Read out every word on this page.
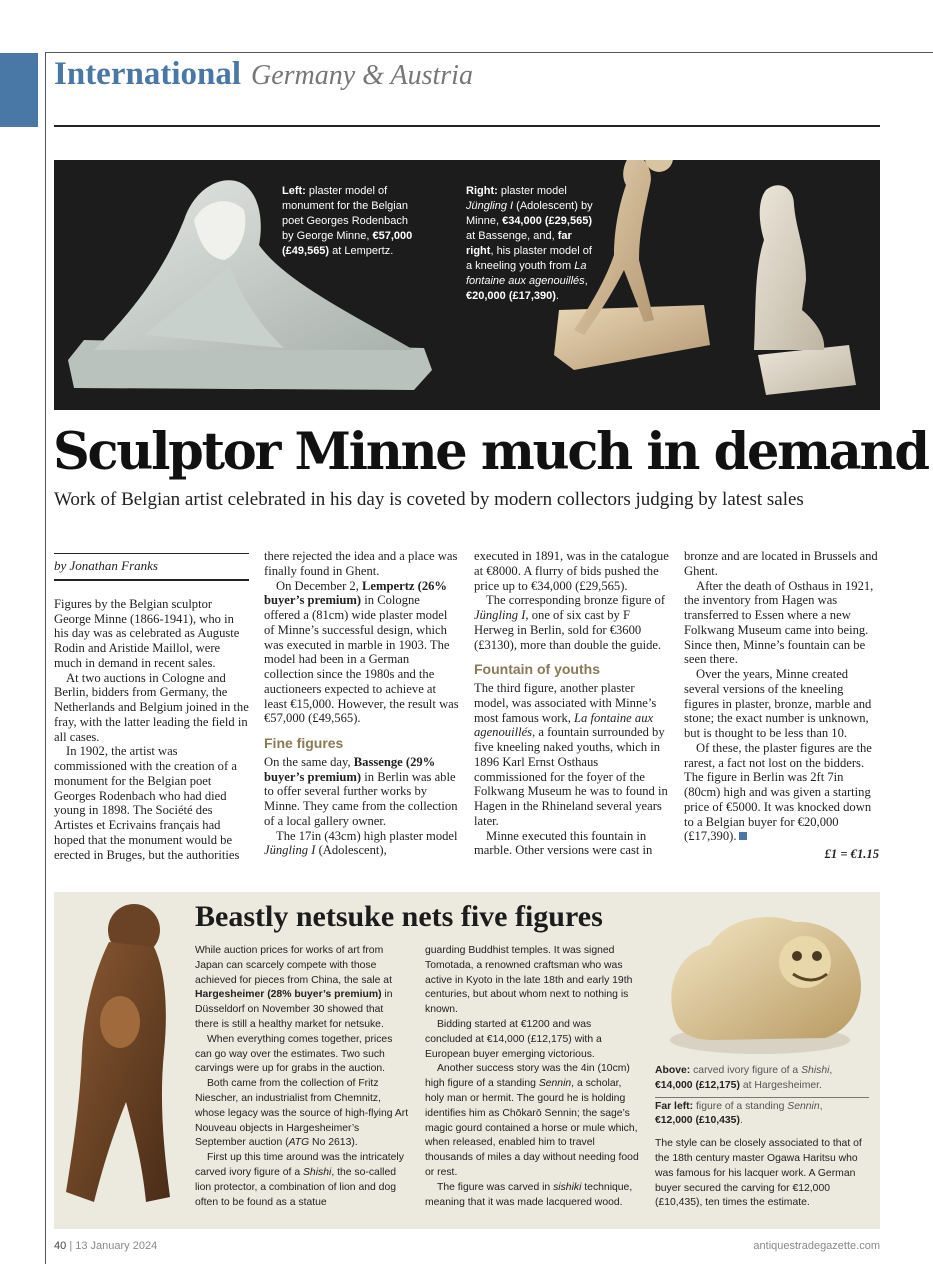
International Germany & Austria
Left: plaster model of monument for the Belgian poet Georges Rodenbach by George Minne, €57,000 (£49,565) at Lempertz.
Right: plaster model Jüngling I (Adolescent) by Minne, €34,000 (£29,565) at Bassenge, and, far right, his plaster model of a kneeling youth from La fontaine aux agenouillés, €20,000 (£17,390).
Sculptor Minne much in demand
Work of Belgian artist celebrated in his day is coveted by modern collectors judging by latest sales
by Jonathan Franks

Figures by the Belgian sculptor George Minne (1866-1941), who in his day was as celebrated as Auguste Rodin and Aristide Maillol, were much in demand in recent sales.

At two auctions in Cologne and Berlin, bidders from Germany, the Netherlands and Belgium joined in the fray, with the latter leading the field in all cases.

In 1902, the artist was commissioned with the creation of a monument for the Belgian poet Georges Rodenbach who had died young in 1898. The Société des Artistes et Ecrivains français had hoped that the monument would be erected in Bruges, but the authorities

there rejected the idea and a place was finally found in Ghent.

On December 2, Lempertz (26% buyer’s premium) in Cologne offered a (81cm) wide plaster model of Minne’s successful design, which was executed in marble in 1903. The model had been in a German collection since the 1980s and the auctioneers expected to achieve at least €15,000. However, the result was €57,000 (£49,565).

Fine figures

On the same day, Bassenge (29% buyer’s premium) in Berlin was able to offer several further works by Minne. They came from the collection of a local gallery owner.

The 17in (43cm) high plaster model Jüngling I (Adolescent),

executed in 1891, was in the catalogue at €8000. A flurry of bids pushed the price up to €34,000 (£29,565).

The corresponding bronze figure of Jüngling I, one of six cast by F Herweg in Berlin, sold for €3600 (£3130), more than double the guide.

Fountain of youths

The third figure, another plaster model, was associated with Minne’s most famous work, La fontaine aux agenouillés, a fountain surrounded by five kneeling naked youths, which in 1896 Karl Ernst Osthaus commissioned for the foyer of the Folkwang Museum he was to found in Hagen in the Rhineland several years later.

Minne executed this fountain in marble. Other versions were cast in

bronze and are located in Brussels and Ghent.

After the death of Osthaus in 1921, the inventory from Hagen was transferred to Essen where a new Folkwang Museum came into being. Since then, Minne’s fountain can be seen there.

Over the years, Minne created several versions of the kneeling figures in plaster, bronze, marble and stone; the exact number is unknown, but is thought to be less than 10.

Of these, the plaster figures are the rarest, a fact not lost on the bidders. The figure in Berlin was 2ft 7in (80cm) high and was given a starting price of €5000. It was knocked down to a Belgian buyer for €20,000 (£17,390).

£1 = €1.15
Beastly netsuke nets five figures

While auction prices for works of art from Japan can scarcely compete with those achieved for pieces from China, the sale at Hargesheimer (28% buyer’s premium) in Düsseldorf on November 30 showed that there is still a healthy market for netsuke.

When everything comes together, prices can go way over the estimates. Two such carvings were up for grabs in the auction.

Both came from the collection of Fritz Niescher, an industrialist from Chemnitz, whose legacy was the source of high-flying Art Nouveau objects in Hargesheimer’s September auction (ATG No 2613).

First up this time around was the intricately carved ivory figure of a Shishi, the so-called lion protector, a combination of lion and dog often to be found as a statue

guarding Buddhist temples. It was signed Tomotada, a renowned craftsman who was active in Kyoto in the late 18th and early 19th centuries, but about whom next to nothing is known.

Bidding started at €1200 and was concluded at €14,000 (£12,175) with a European buyer emerging victorious.

Another success story was the 4in (10cm) high figure of a standing Sennin, a scholar, holy man or hermit. The gourd he is holding identifies him as Chōkarō Sennin; the sage’s magic gourd contained a horse or mule which, when released, enabled him to travel thousands of miles a day without needing food or rest.

The figure was carved in sishiki technique, meaning that it was made lacquered wood.

Above: carved ivory figure of a Shishi,
€14,000 (£12,175) at Hargesheimer.
Far left: figure of a standing Sennin,
€12,000 (£10,435).
The style can be closely associated to that of the 18th century master Ogawa Haritsu who was famous for his lacquer work. A German buyer secured the carving for €12,000 (£10,435), ten times the estimate.
40 | 13 January 2024	antiquestradegazette.com
